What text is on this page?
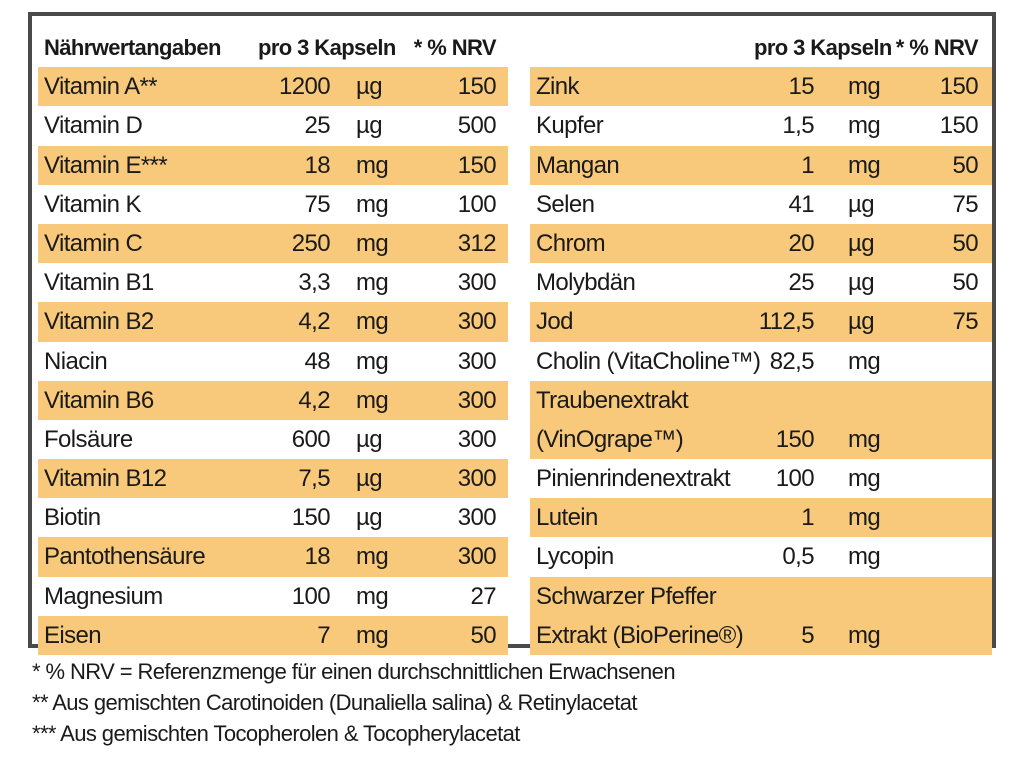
Nährwertangaben pro 3 Kapseln * % NRV
Vitamin A**	1200 µg	150
Vitamin D	25 µg	500
Vitamin E***	18 mg	150
Vitamin K	75 mg	100
Vitamin C	250 mg	312
Vitamin B1	3,3 mg	300
Vitamin B2	4,2 mg	300
Niacin	48 mg	300
Vitamin B6	4,2 mg	300
Folsäure	600 µg	300
Vitamin B12	7,5 µg	300
Biotin	150 µg	300
Pantothensäure	18 mg	300
Magnesium	100 mg	27
Eisen	7 mg	50
pro 3 Kapseln * % NRV
Zink	15 mg 150
Kupfer	1,5 mg 150
Mangan	1 mg	50
Selen	41 µg	75
Chrom	20 µg	50
Molybdän	25 µg	50
Jod	112,5 µg	75
Cholin (VitaCholine™) 82,5 mg
Traubenextrakt
(VinOgrape™)	150 mg
Pinienrindenextrakt 100 mg
Lutein	1 mg
Lycopin	0,5 mg
Schwarzer Pfeffer
Extrakt (BioPerine®) 5 mg
* % NRV = Referenzmenge für einen durchschnittlichen Erwachsenen
** Aus gemischten Carotinoiden (Dunaliella salina) & Retinylacetat
*** Aus gemischten Tocopherolen & Tocopherylacetat
